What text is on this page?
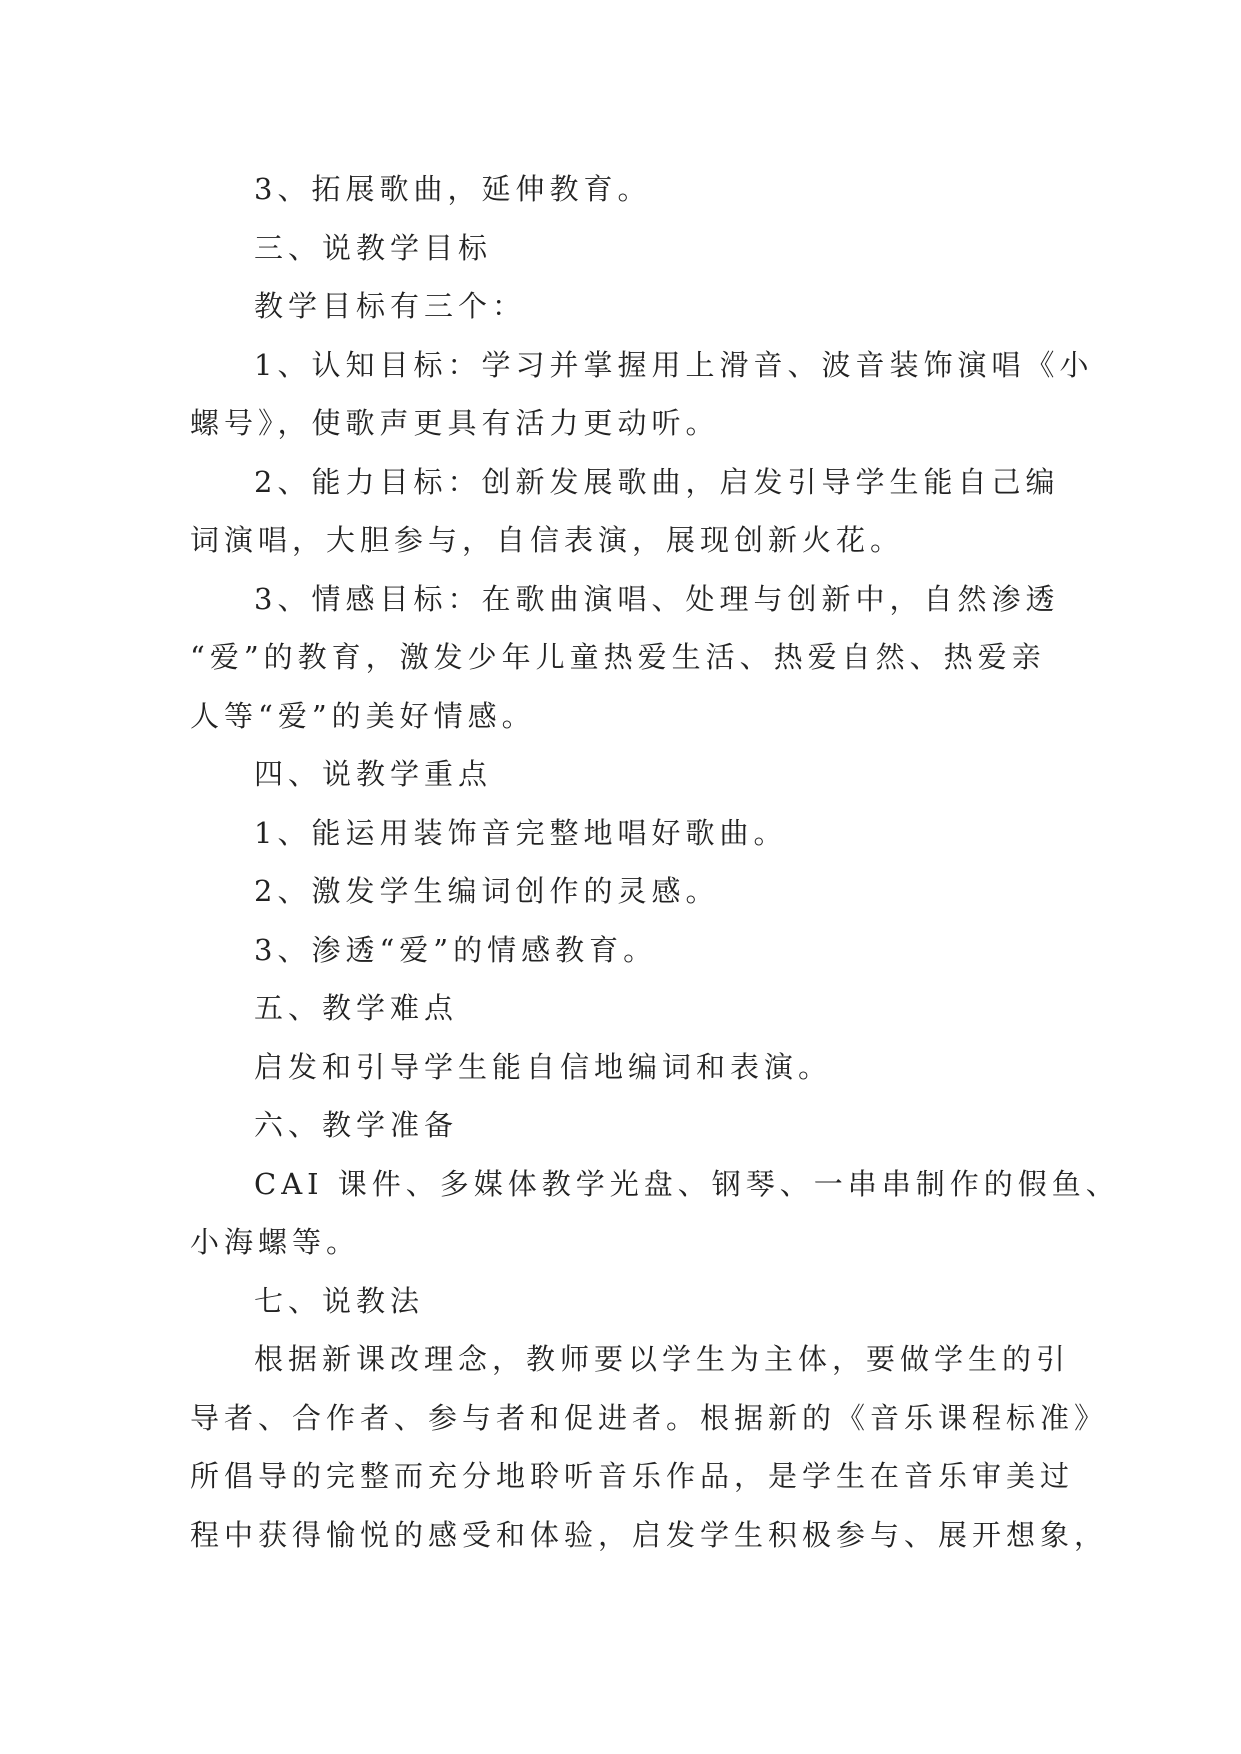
3、拓展歌曲，延伸教育。

三、说教学目标

教学目标有三个：

1、认知目标：学习并掌握用上滑音、波音装饰演唱《小
螺号》，使歌声更具有活力更动听。

2、能力目标：创新发展歌曲，启发引导学生能自己编
词演唱，大胆参与，自信表演，展现创新火花。

3、情感目标：在歌曲演唱、处理与创新中，自然渗透
“爱”的教育，激发少年儿童热爱生活、热爱自然、热爱亲
人等“爱”的美好情感。

四、说教学重点

1、能运用装饰音完整地唱好歌曲。

2、激发学生编词创作的灵感。

3、渗透“爱”的情感教育。

五、教学难点

启发和引导学生能自信地编词和表演。

六、教学准备

CAI 课件、多媒体教学光盘、钢琴、一串串制作的假鱼、
小海螺等。

七、说教法

根据新课改理念，教师要以学生为主体，要做学生的引
导者、合作者、参与者和促进者。根据新的《音乐课程标准》
所倡导的完整而充分地聆听音乐作品，是学生在音乐审美过
程中获得愉悦的感受和体验，启发学生积极参与、展开想象，
